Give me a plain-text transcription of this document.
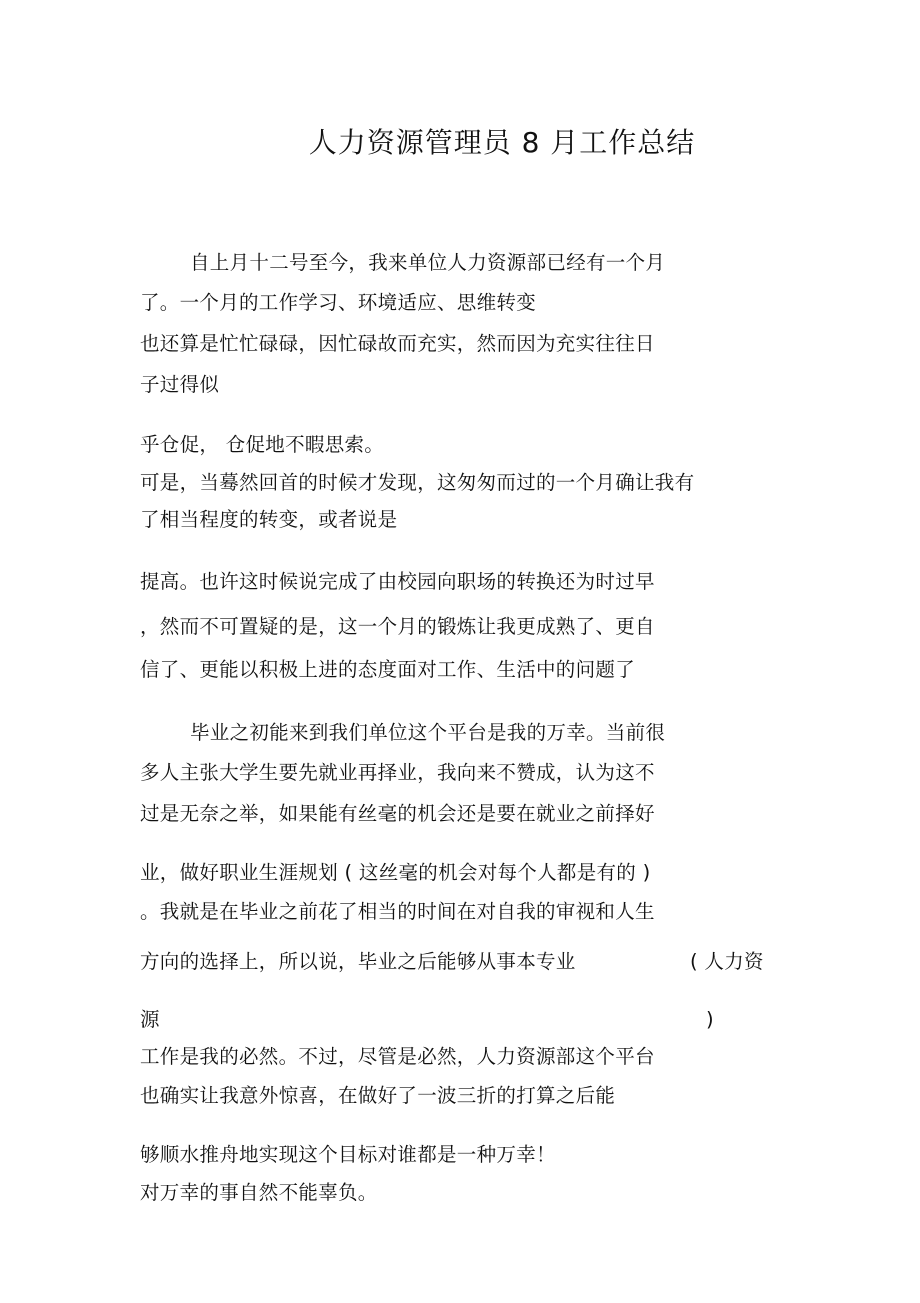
人力资源管理员 8 月工作总结
自上月十二号至今，我来单位人力资源部已经有一个月
了。一个月的工作学习、环境适应、思维转变
也还算是忙忙碌碌，因忙碌故而充实，然而因为充实往往日
子过得似
乎仓促， 仓促地不暇思索。
可是，当蓦然回首的时候才发现，这匆匆而过的一个月确让我有
了相当程度的转变，或者说是
提高。也许这时候说完成了由校园向职场的转换还为时过早
，然而不可置疑的是，这一个月的锻炼让我更成熟了、更自
信了、更能以积极上进的态度面对工作、生活中的问题了
毕业之初能来到我们单位这个平台是我的万幸。当前很
多人主张大学生要先就业再择业，我向来不赞成，认为这不
过是无奈之举，如果能有丝毫的机会还是要在就业之前择好
业，做好职业生涯规划 ( 这丝毫的机会对每个人都是有的 )
。我就是在毕业之前花了相当的时间在对自我的审视和人生
方向的选择上，所以说，毕业之后能够从事本专业	( 人力资
源	)
工作是我的必然。不过，尽管是必然，人力资源部这个平台
也确实让我意外惊喜，在做好了一波三折的打算之后能
够顺水推舟地实现这个目标对谁都是一种万幸！
对万幸的事自然不能辜负。
